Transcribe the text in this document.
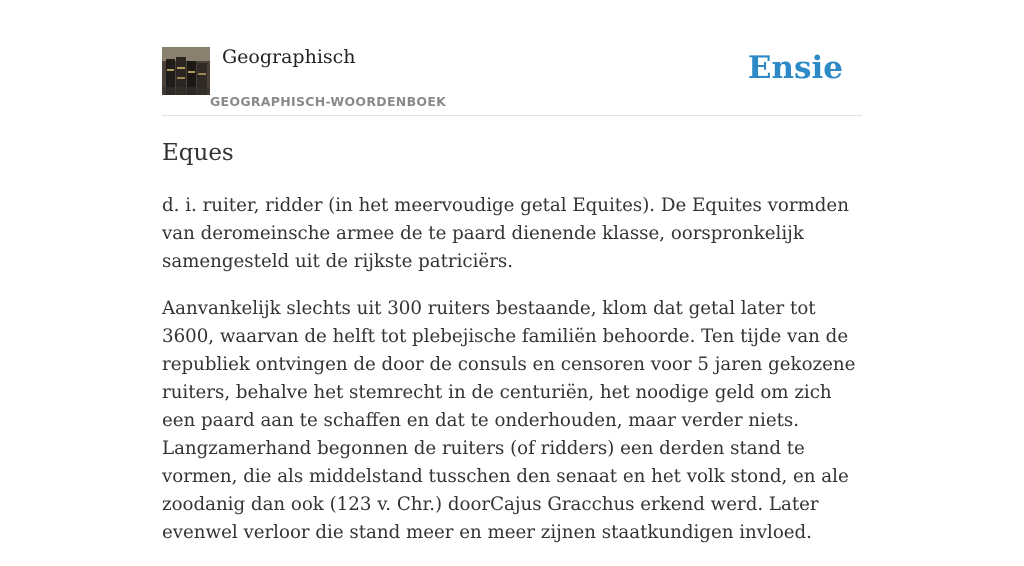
Geographisch
GEOGRAPHISCH-WOORDENBOEK
Ensie
Eques

d. i. ruiter, ridder (in het meervoudige getal Equites). De Equites vormden van deromeinsche armee de te paard dienende klasse, oorspronkelijk samengesteld uit de rijkste patriciërs.

Aanvankelijk slechts uit 300 ruiters bestaande, klom dat getal later tot 3600, waarvan de helft tot plebejische familiën behoorde. Ten tijde van de republiek ontvingen de door de consuls en censoren voor 5 jaren gekozene ruiters, behalve het stemrecht in de centuriën, het noodige geld om zich een paard aan te schaffen en dat te onderhouden, maar verder niets. Langzamerhand begonnen de ruiters (of ridders) een derden stand te vormen, die als middelstand tusschen den senaat en het volk stond, en ale zoodanig dan ook (123 v. Chr.) doorCajus Gracchus erkend werd. Later evenwel verloor die stand meer en meer zijnen staatkundigen invloed.
